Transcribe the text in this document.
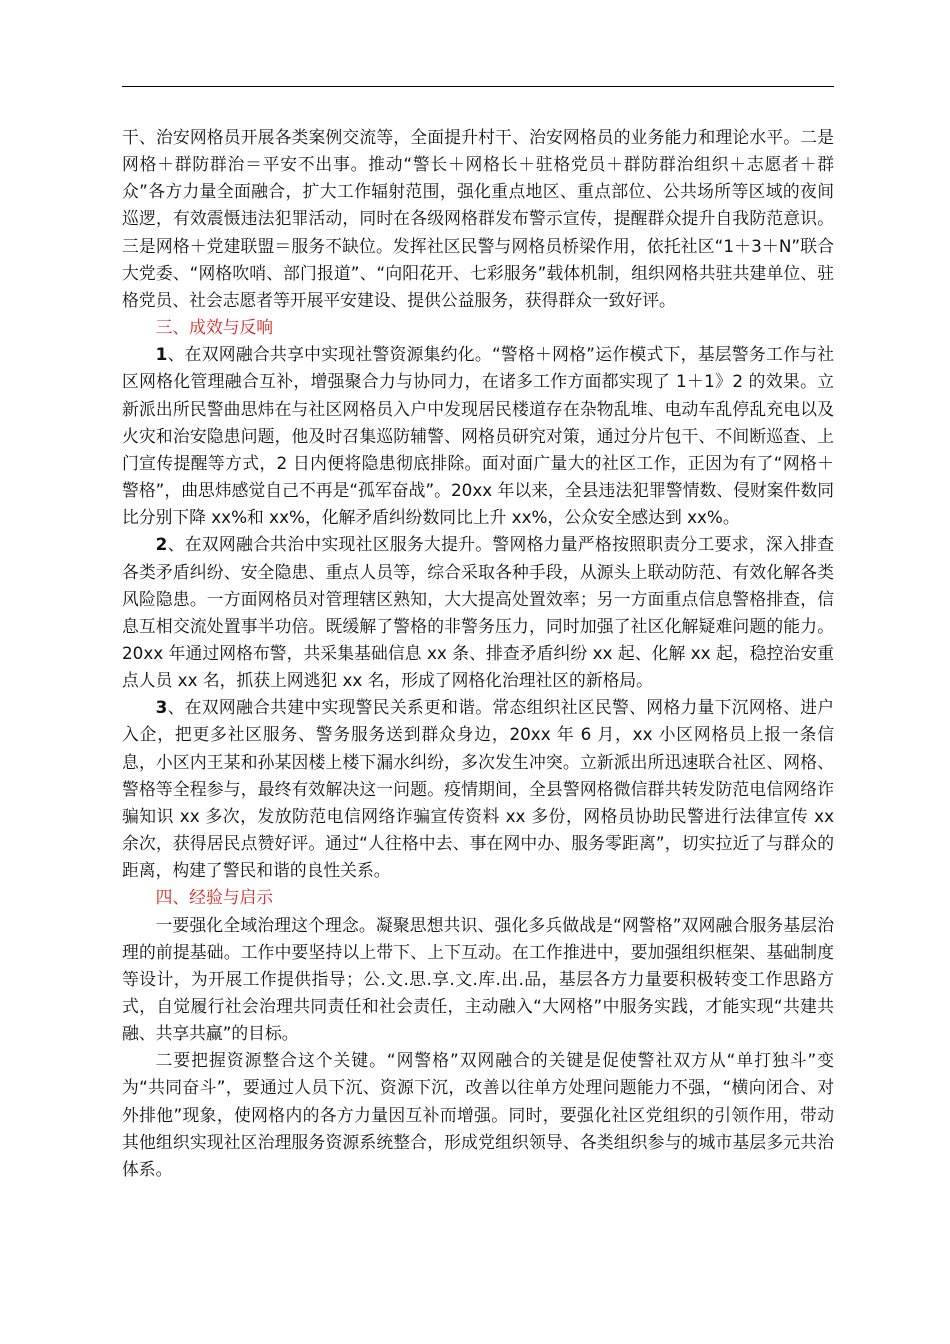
干、治安网格员开展各类案例交流等，全面提升村干、治安网格员的业务能力和理论水平。二是网格＋群防群治＝平安不出事。推动“警长＋网格长＋驻格党员＋群防群治组织＋志愿者＋群众”各方力量全面融合，扩大工作辐射范围，强化重点地区、重点部位、公共场所等区域的夜间巡逻，有效震慑违法犯罪活动，同时在各级网格群发布警示宣传，提醒群众提升自我防范意识。三是网格＋党建联盟＝服务不缺位。发挥社区民警与网格员桥梁作用，依托社区“1＋3＋N”联合大党委、“网格吹哨、部门报道”、“向阳花开、七彩服务”载体机制，组织网格共驻共建单位、驻格党员、社会志愿者等开展平安建设、提供公益服务，获得群众一致好评。

三、成效与反响

1、在双网融合共享中实现社警资源集约化。“警格＋网格”运作模式下，基层警务工作与社区网格化管理融合互补，增强聚合力与协同力，在诸多工作方面都实现了 1＋1》2 的效果。立新派出所民警曲思炜在与社区网格员入户中发现居民楼道存在杂物乱堆、电动车乱停乱充电以及火灾和治安隐患问题，他及时召集巡防辅警、网格员研究对策，通过分片包干、不间断巡查、上门宣传提醒等方式，2 日内便将隐患彻底排除。面对面广量大的社区工作，正因为有了“网格＋警格”，曲思炜感觉自己不再是“孤军奋战”。20xx 年以来，全县违法犯罪警情数、侵财案件数同比分别下降 xx%和 xx%，化解矛盾纠纷数同比上升 xx%，公众安全感达到 xx%。

2、在双网融合共治中实现社区服务大提升。警网格力量严格按照职责分工要求，深入排查各类矛盾纠纷、安全隐患、重点人员等，综合采取各种手段，从源头上联动防范、有效化解各类风险隐患。一方面网格员对管理辖区熟知，大大提高处置效率；另一方面重点信息警格排查，信息互相交流处置事半功倍。既缓解了警格的非警务压力，同时加强了社区化解疑难问题的能力。20xx 年通过网格布警，共采集基础信息 xx 条、排查矛盾纠纷 xx 起、化解 xx 起，稳控治安重点人员 xx 名，抓获上网逃犯 xx 名，形成了网格化治理社区的新格局。

3、在双网融合共建中实现警民关系更和谐。常态组织社区民警、网格力量下沉网格、进户入企，把更多社区服务、警务服务送到群众身边，20xx 年 6 月，xx 小区网格员上报一条信息，小区内王某和孙某因楼上楼下漏水纠纷，多次发生冲突。立新派出所迅速联合社区、网格、警格等全程参与，最终有效解决这一问题。疫情期间，全县警网格微信群共转发防范电信网络诈骗知识 xx 多次，发放防范电信网络诈骗宣传资料 xx 多份，网格员协助民警进行法律宣传 xx 余次，获得居民点赞好评。通过“人往格中去、事在网中办、服务零距离”，切实拉近了与群众的距离，构建了警民和谐的良性关系。

四、经验与启示

一要强化全域治理这个理念。凝聚思想共识、强化多兵做战是“网警格”双网融合服务基层治理的前提基础。工作中要坚持以上带下、上下互动。在工作推进中，要加强组织框架、基础制度等设计，为开展工作提供指导；公.文.思.享.文.库.出.品，基层各方力量要积极转变工作思路方式，自觉履行社会治理共同责任和社会责任，主动融入“大网格”中服务实践，才能实现“共建共融、共享共赢”的目标。

二要把握资源整合这个关键。“网警格”双网融合的关键是促使警社双方从“单打独斗”变为“共同奋斗”，要通过人员下沉、资源下沉，改善以往单方处理问题能力不强，“横向闭合、对外排他”现象，使网格内的各方力量因互补而增强。同时，要强化社区党组织的引领作用，带动其他组织实现社区治理服务资源系统整合，形成党组织领导、各类组织参与的城市基层多元共治体系。
